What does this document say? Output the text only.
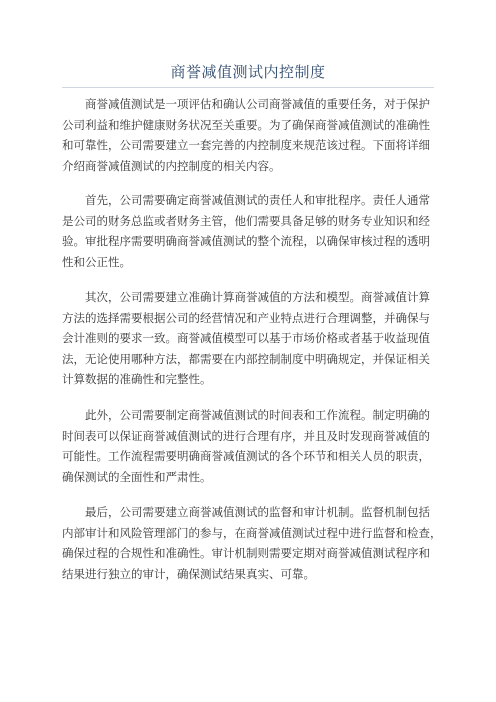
商誉减值测试内控制度
商誉减值测试是一项评估和确认公司商誉减值的重要任务，对于保护
公司利益和维护健康财务状况至关重要。为了确保商誉减值测试的准确性
和可靠性，公司需要建立一套完善的内控制度来规范该过程。下面将详细
介绍商誉减值测试的内控制度的相关内容。
首先，公司需要确定商誉减值测试的责任人和审批程序。责任人通常
是公司的财务总监或者财务主管，他们需要具备足够的财务专业知识和经
验。审批程序需要明确商誉减值测试的整个流程，以确保审核过程的透明
性和公正性。
其次，公司需要建立准确计算商誉减值的方法和模型。商誉减值计算
方法的选择需要根据公司的经营情况和产业特点进行合理调整，并确保与
会计准则的要求一致。商誉减值模型可以基于市场价格或者基于收益现值
法，无论使用哪种方法，都需要在内部控制制度中明确规定，并保证相关
计算数据的准确性和完整性。
此外，公司需要制定商誉减值测试的时间表和工作流程。制定明确的
时间表可以保证商誉减值测试的进行合理有序，并且及时发现商誉减值的
可能性。工作流程需要明确商誉减值测试的各个环节和相关人员的职责，
确保测试的全面性和严肃性。
最后，公司需要建立商誉减值测试的监督和审计机制。监督机制包括
内部审计和风险管理部门的参与，在商誉减值测试过程中进行监督和检查，
确保过程的合规性和准确性。审计机制则需要定期对商誉减值测试程序和
结果进行独立的审计，确保测试结果真实、可靠。
